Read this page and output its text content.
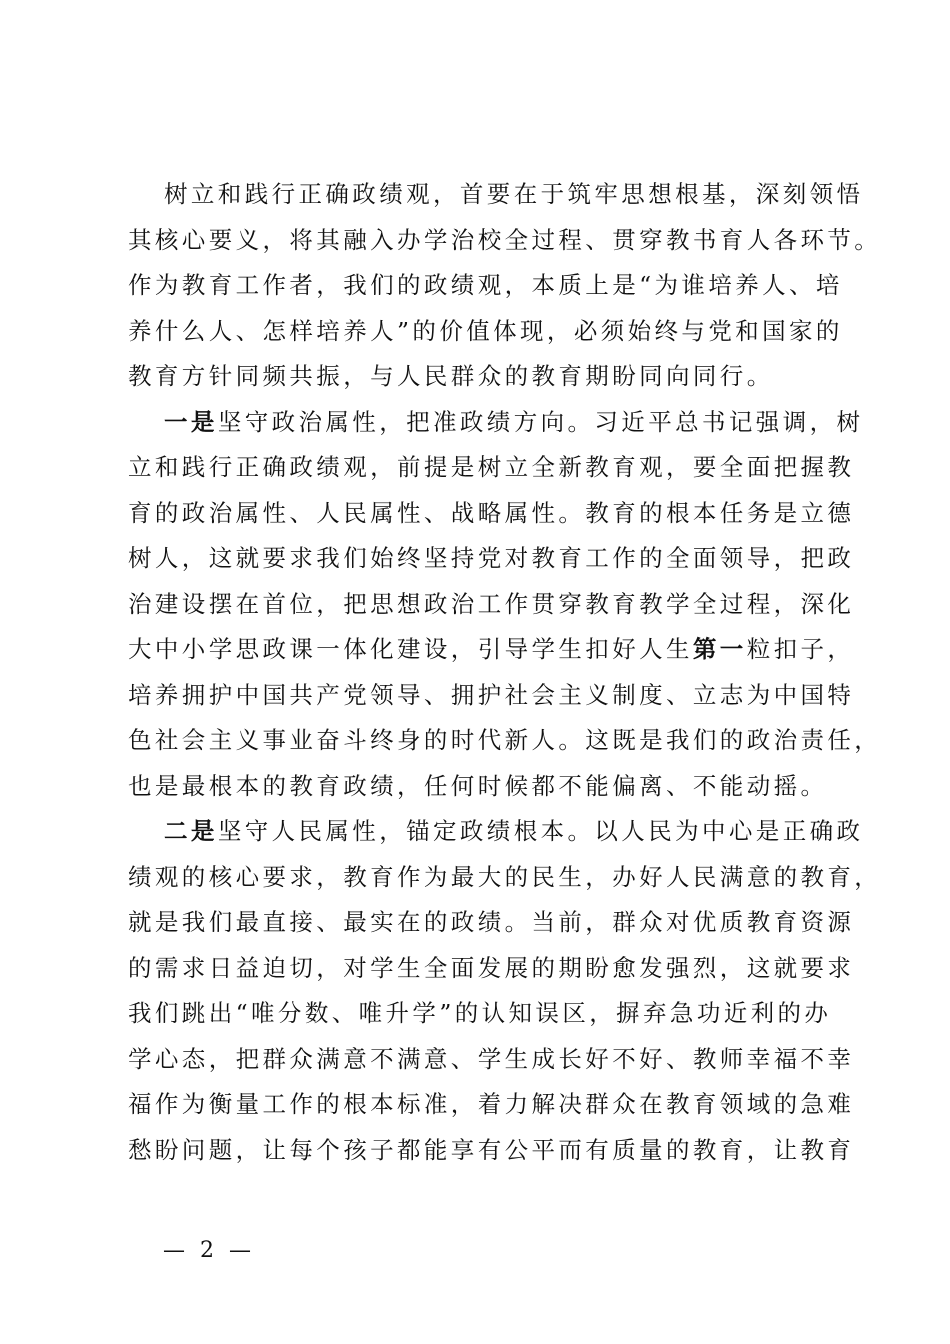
树立和践行正确政绩观，首要在于筑牢思想根基，深刻领悟
其核心要义，将其融入办学治校全过程、贯穿教书育人各环节。
作为教育工作者，我们的政绩观，本质上是“为谁培养人、培
养什么人、怎样培养人”的价值体现，必须始终与党和国家的
教育方针同频共振，与人民群众的教育期盼同向同行。
一是坚守政治属性，把准政绩方向。习近平总书记强调，树
立和践行正确政绩观，前提是树立全新教育观，要全面把握教
育的政治属性、人民属性、战略属性。教育的根本任务是立德
树人，这就要求我们始终坚持党对教育工作的全面领导，把政
治建设摆在首位，把思想政治工作贯穿教育教学全过程，深化
大中小学思政课一体化建设，引导学生扣好人生第一粒扣子，
培养拥护中国共产党领导、拥护社会主义制度、立志为中国特
色社会主义事业奋斗终身的时代新人。这既是我们的政治责任，
也是最根本的教育政绩，任何时候都不能偏离、不能动摇。
二是坚守人民属性，锚定政绩根本。以人民为中心是正确政
绩观的核心要求，教育作为最大的民生，办好人民满意的教育，
就是我们最直接、最实在的政绩。当前，群众对优质教育资源
的需求日益迫切，对学生全面发展的期盼愈发强烈，这就要求
我们跳出“唯分数、唯升学”的认知误区，摒弃急功近利的办
学心态，把群众满意不满意、学生成长好不好、教师幸福不幸
福作为衡量工作的根本标准，着力解决群众在教育领域的急难
愁盼问题，让每个孩子都能享有公平而有质量的教育，让教育
— 2 —
